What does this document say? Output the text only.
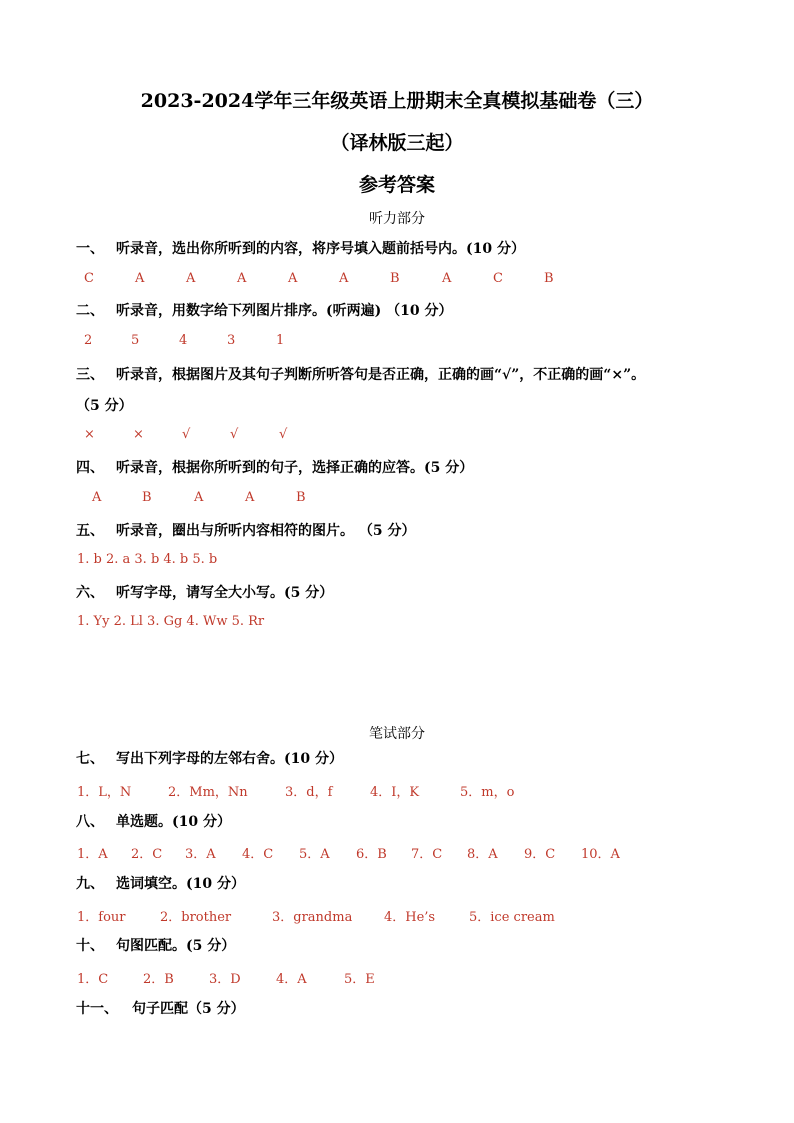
2023-2024学年三年级英语上册期末全真模拟基础卷（三）
（译林版三起）
参考答案
听力部分
一、 听录音，选出你所听到的内容，将序号填入题前括号内。(10 分）
C	A	A	A	A	A	B	A	C	B
二、 听录音，用数字给下列图片排序。(听两遍) （10 分）
2	5	4	3	1
三、 听录音，根据图片及其句子判断所听答句是否正确，正确的画“√”，不正确的画“×”。
（5 分）
×	×	√	√	√
四、 听录音，根据你所听到的句子，选择正确的应答。(5 分）
A	B	A	A	B
五、 听录音，圈出与所听内容相符的图片。 （5 分）
1. b 2. a 3. b 4. b 5. b
六、 听写字母，请写全大小写。(5 分）
1. Yy 2. Ll 3. Gg 4. Ww 5. Rr
笔试部分
七、 写出下列字母的左邻右舍。(10 分）
1．L，N	2．Mm，Nn	3．d，f	4．I，K	5．m，o
八、 单选题。(10 分）
1．A 2．C 3．A 4．C 5．A 6．B 7．C 8．A 9．C 10．A
九、 选词填空。(10 分）
1．four	2．brother	3．grandma 4．He’s	5．ice cream
十、 句图匹配。(5 分）
1．C	2．B	3．D	4．A	5．E
十一、 句子匹配（5 分）
